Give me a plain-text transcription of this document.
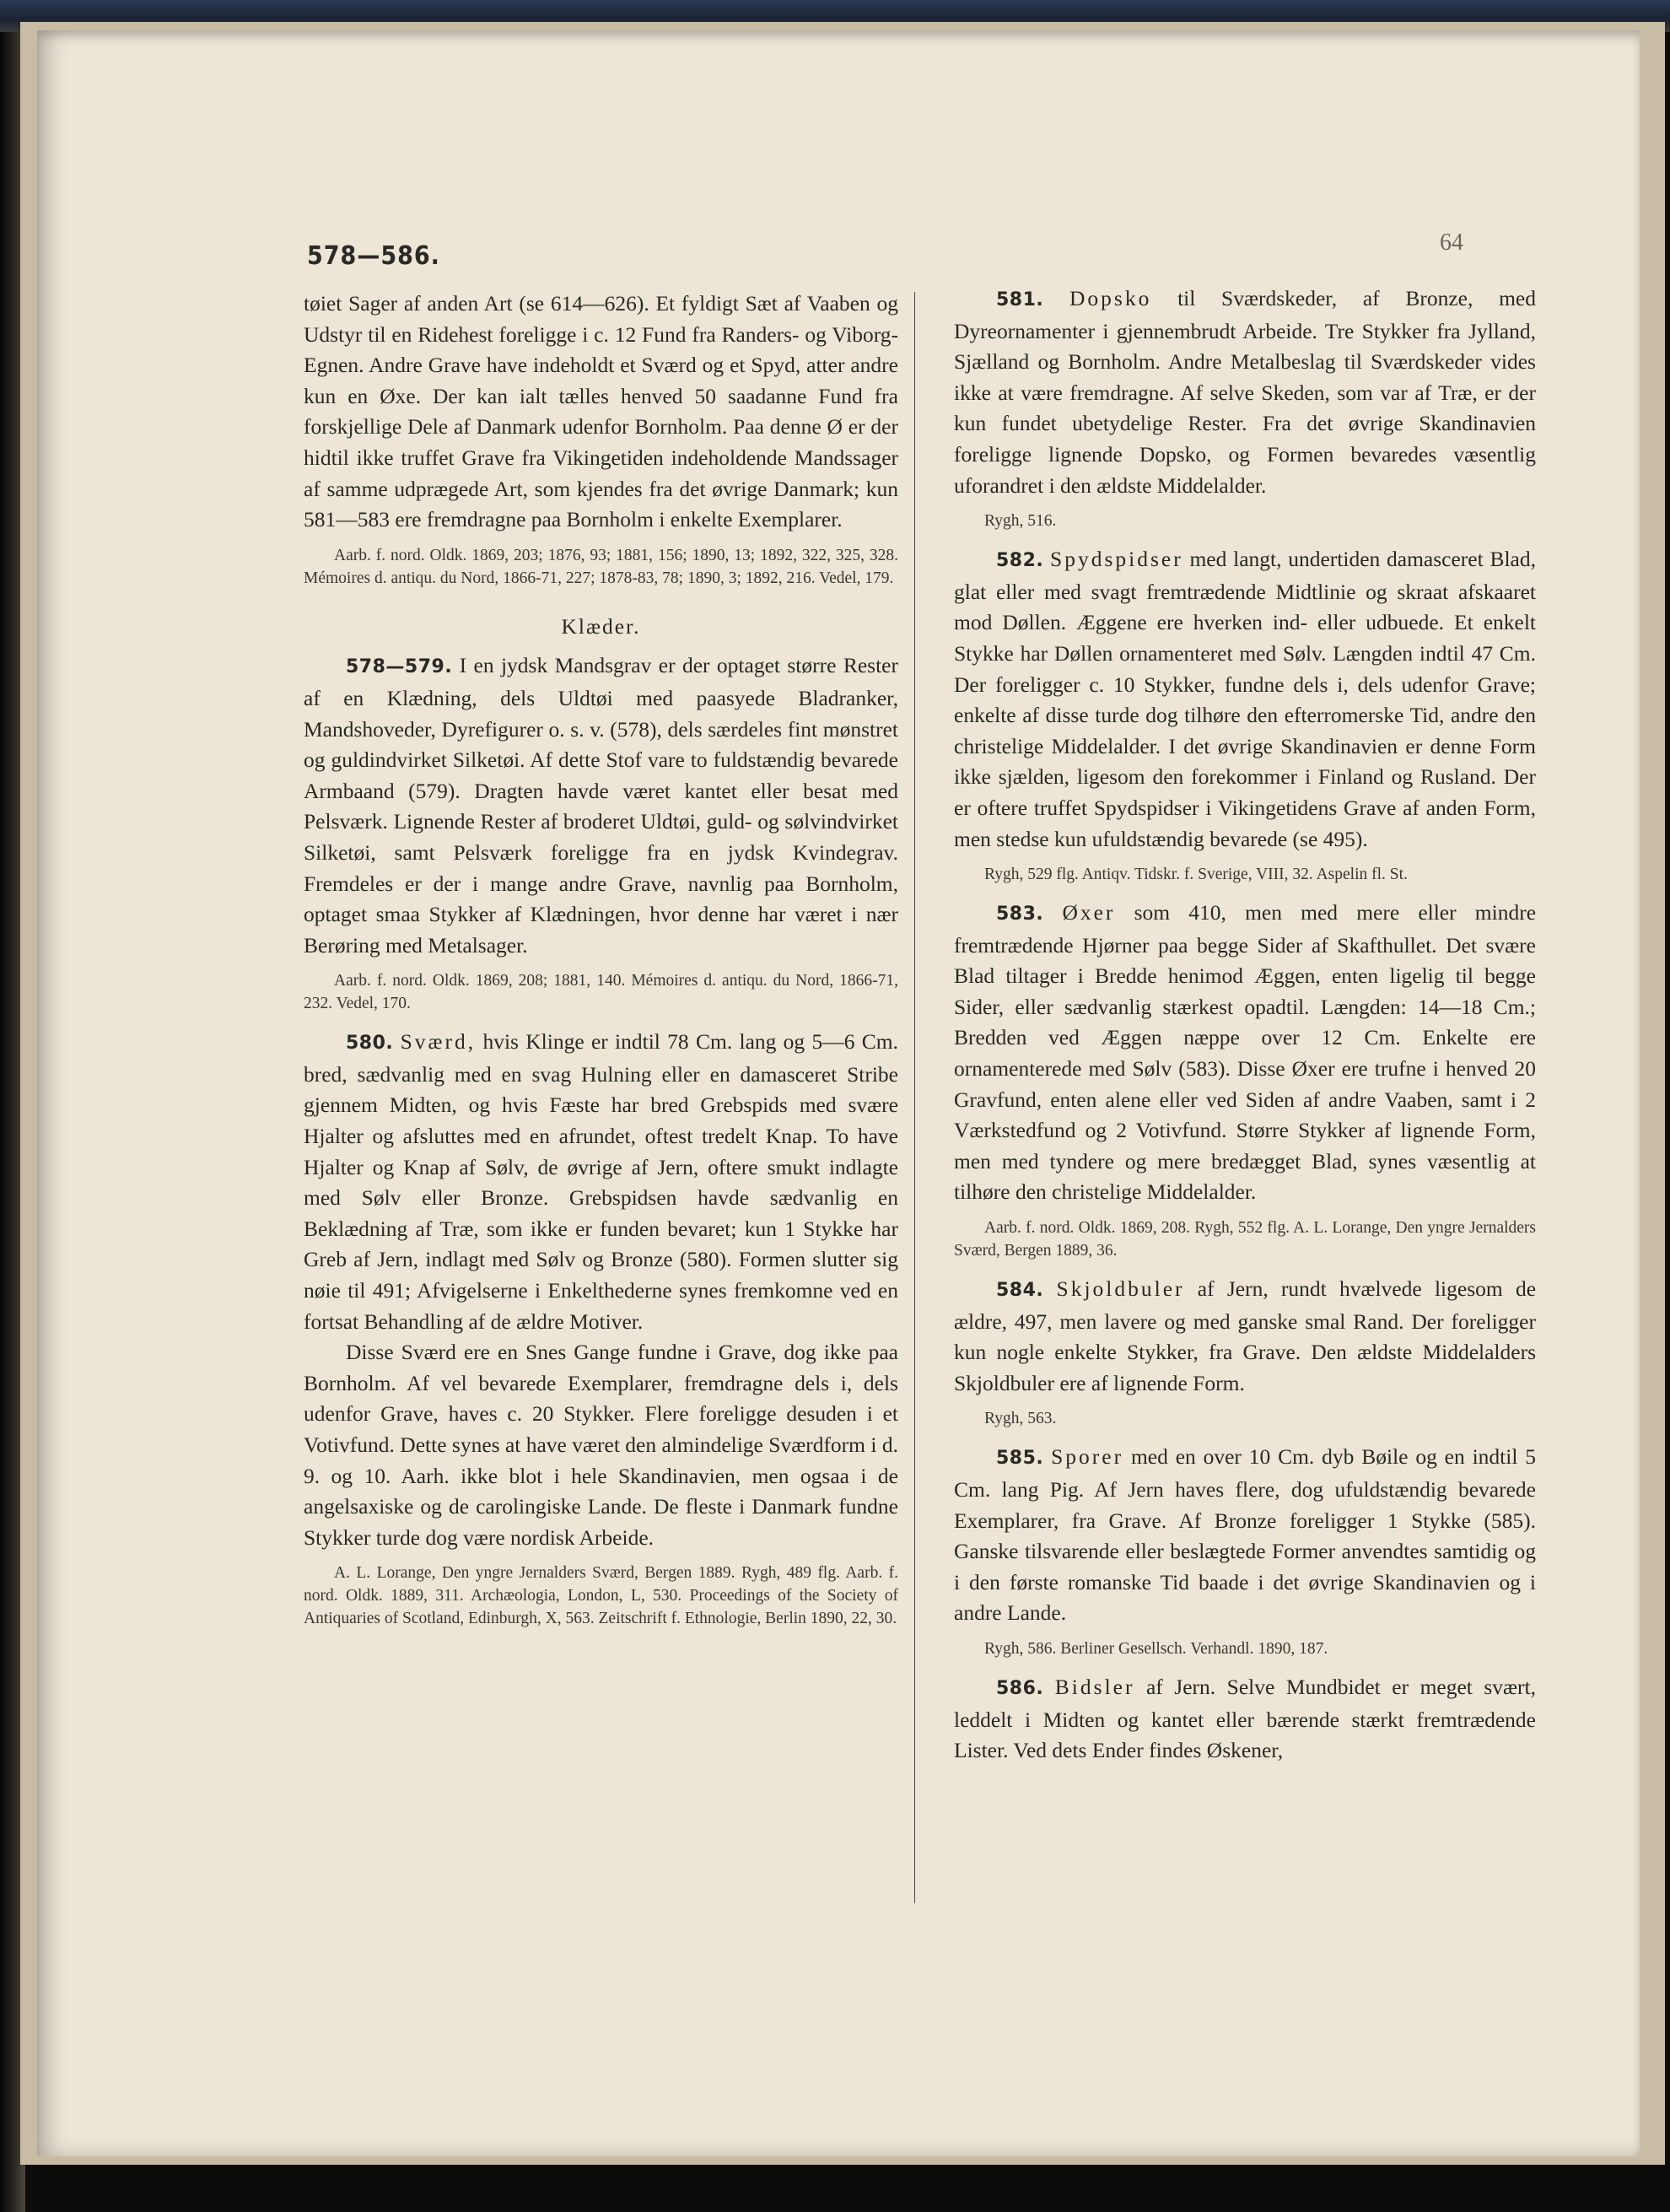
578—586.	64

tøiet Sager af anden Art (se 614—626). Et fyldigt Sæt af Vaaben og Udstyr til en Ridehest foreligge i c. 12 Fund fra Randers- og Viborg-Egnen. Andre Grave have indeholdt et Sværd og et Spyd, atter andre kun en Øxe. Der kan ialt tælles henved 50 saadanne Fund fra forskjellige Dele af Danmark udenfor Bornholm. Paa denne Ø er der hidtil ikke truffet Grave fra Vikingetiden indeholdende Mandssager af samme udprægede Art, som kjendes fra det øvrige Danmark; kun 581—583 ere fremdragne paa Bornholm i enkelte Exemplarer.

Aarb. f. nord. Oldk. 1869, 203; 1876, 93; 1881, 156; 1890, 13; 1892, 322, 325, 328. Mémoires d. antiqu. du Nord, 1866-71, 227; 1878-83, 78; 1890, 3; 1892, 216. Vedel, 179.

Klæder.

578—579. I en jydsk Mandsgrav er der optaget større Rester af en Klædning, dels Uldtøi med paasyede Bladranker, Mandshoveder, Dyrefigurer o. s. v. (578), dels særdeles fint mønstret og guldindvirket Silketøi. Af dette Stof vare to fuldstændig bevarede Armbaand (579). Dragten havde været kantet eller besat med Pelsværk. Lignende Rester af broderet Uldtøi, guld- og sølvindvirket Silketøi, samt Pelsværk foreligge fra en jydsk Kvindegrav. Fremdeles er der i mange andre Grave, navnlig paa Bornholm, optaget smaa Stykker af Klædningen, hvor denne har været i nær Berøring med Metalsager.

Aarb. f. nord. Oldk. 1869, 208; 1881, 140. Mémoires d. antiqu. du Nord, 1866-71, 232. Vedel, 170.

580. Sværd, hvis Klinge er indtil 78 Cm. lang og 5—6 Cm. bred, sædvanlig med en svag Hulning eller en damasceret Stribe gjennem Midten, og hvis Fæste har bred Grebspids med svære Hjalter og afsluttes med en afrundet, oftest tredelt Knap. To have Hjalter og Knap af Sølv, de øvrige af Jern, oftere smukt indlagte med Sølv eller Bronze. Grebspidsen havde sædvanlig en Beklædning af Træ, som ikke er funden bevaret; kun 1 Stykke har Greb af Jern, indlagt med Sølv og Bronze (580). Formen slutter sig nøie til 491; Afvigelserne i Enkelthederne synes fremkomne ved en fortsat Behandling af de ældre Motiver.

Disse Sværd ere en Snes Gange fundne i Grave, dog ikke paa Bornholm. Af vel bevarede Exemplarer, fremdragne dels i, dels udenfor Grave, haves c. 20 Stykker. Flere foreligge desuden i et Votivfund. Dette synes at have været den almindelige Sværdform i d. 9. og 10. Aarh. ikke blot i hele Skandinavien, men ogsaa i de angelsaxiske og de carolingiske Lande. De fleste i Danmark fundne Stykker turde dog være nordisk Arbeide.

A. L. Lorange, Den yngre Jernalders Sværd, Bergen 1889. Rygh, 489 flg. Aarb. f. nord. Oldk. 1889, 311. Archæologia, London, L, 530. Proceedings of the Society of Antiquaries of Scotland, Edinburgh, X, 563. Zeitschrift f. Ethnologie, Berlin 1890, 22, 30.

581. Dopsko til Sværdskeder, af Bronze, med Dyreornamenter i gjennembrudt Arbeide. Tre Stykker fra Jylland, Sjælland og Bornholm. Andre Metalbeslag til Sværdskeder vides ikke at være fremdragne. Af selve Skeden, som var af Træ, er der kun fundet ubetydelige Rester. Fra det øvrige Skandinavien foreligge lignende Dopsko, og Formen bevaredes væsentlig uforandret i den ældste Middelalder.

Rygh, 516.

582. Spydspidser med langt, undertiden damasceret Blad, glat eller med svagt fremtrædende Midtlinie og skraat afskaaret mod Døllen. Æggene ere hverken ind- eller udbuede. Et enkelt Stykke har Døllen ornamenteret med Sølv. Længden indtil 47 Cm. Der foreligger c. 10 Stykker, fundne dels i, dels udenfor Grave; enkelte af disse turde dog tilhøre den efterromerske Tid, andre den christelige Middelalder. I det øvrige Skandinavien er denne Form ikke sjælden, ligesom den forekommer i Finland og Rusland. Der er oftere truffet Spydspidser i Vikingetidens Grave af anden Form, men stedse kun ufuldstændig bevarede (se 495).

Rygh, 529 flg. Antiqv. Tidskr. f. Sverige, VIII, 32. Aspelin fl. St.

583. Øxer som 410, men med mere eller mindre fremtrædende Hjørner paa begge Sider af Skafthullet. Det svære Blad tiltager i Bredde henimod Æggen, enten ligelig til begge Sider, eller sædvanlig stærkest opadtil. Længden: 14—18 Cm.; Bredden ved Æggen næppe over 12 Cm. Enkelte ere ornamenterede med Sølv (583). Disse Øxer ere trufne i henved 20 Gravfund, enten alene eller ved Siden af andre Vaaben, samt i 2 Værkstedfund og 2 Votivfund. Større Stykker af lignende Form, men med tyndere og mere bredægget Blad, synes væsentlig at tilhøre den christelige Middelalder.

Aarb. f. nord. Oldk. 1869, 208. Rygh, 552 flg. A. L. Lorange, Den yngre Jernalders Sværd, Bergen 1889, 36.

584. Skjoldbuler af Jern, rundt hvælvede ligesom de ældre, 497, men lavere og med ganske smal Rand. Der foreligger kun nogle enkelte Stykker, fra Grave. Den ældste Middelalders Skjoldbuler ere af lignende Form.

Rygh, 563.

585. Sporer med en over 10 Cm. dyb Bøile og en indtil 5 Cm. lang Pig. Af Jern haves flere, dog ufuldstændig bevarede Exemplarer, fra Grave. Af Bronze foreligger 1 Stykke (585). Ganske tilsvarende eller beslægtede Former anvendtes samtidig og i den første romanske Tid baade i det øvrige Skandinavien og i andre Lande.

Rygh, 586. Berliner Gesellsch. Verhandl. 1890, 187.

586. Bidsler af Jern. Selve Mundbidet er meget svært, leddelt i Midten og kantet eller bærende stærkt fremtrædende Lister. Ved dets Ender findes Øskener,
